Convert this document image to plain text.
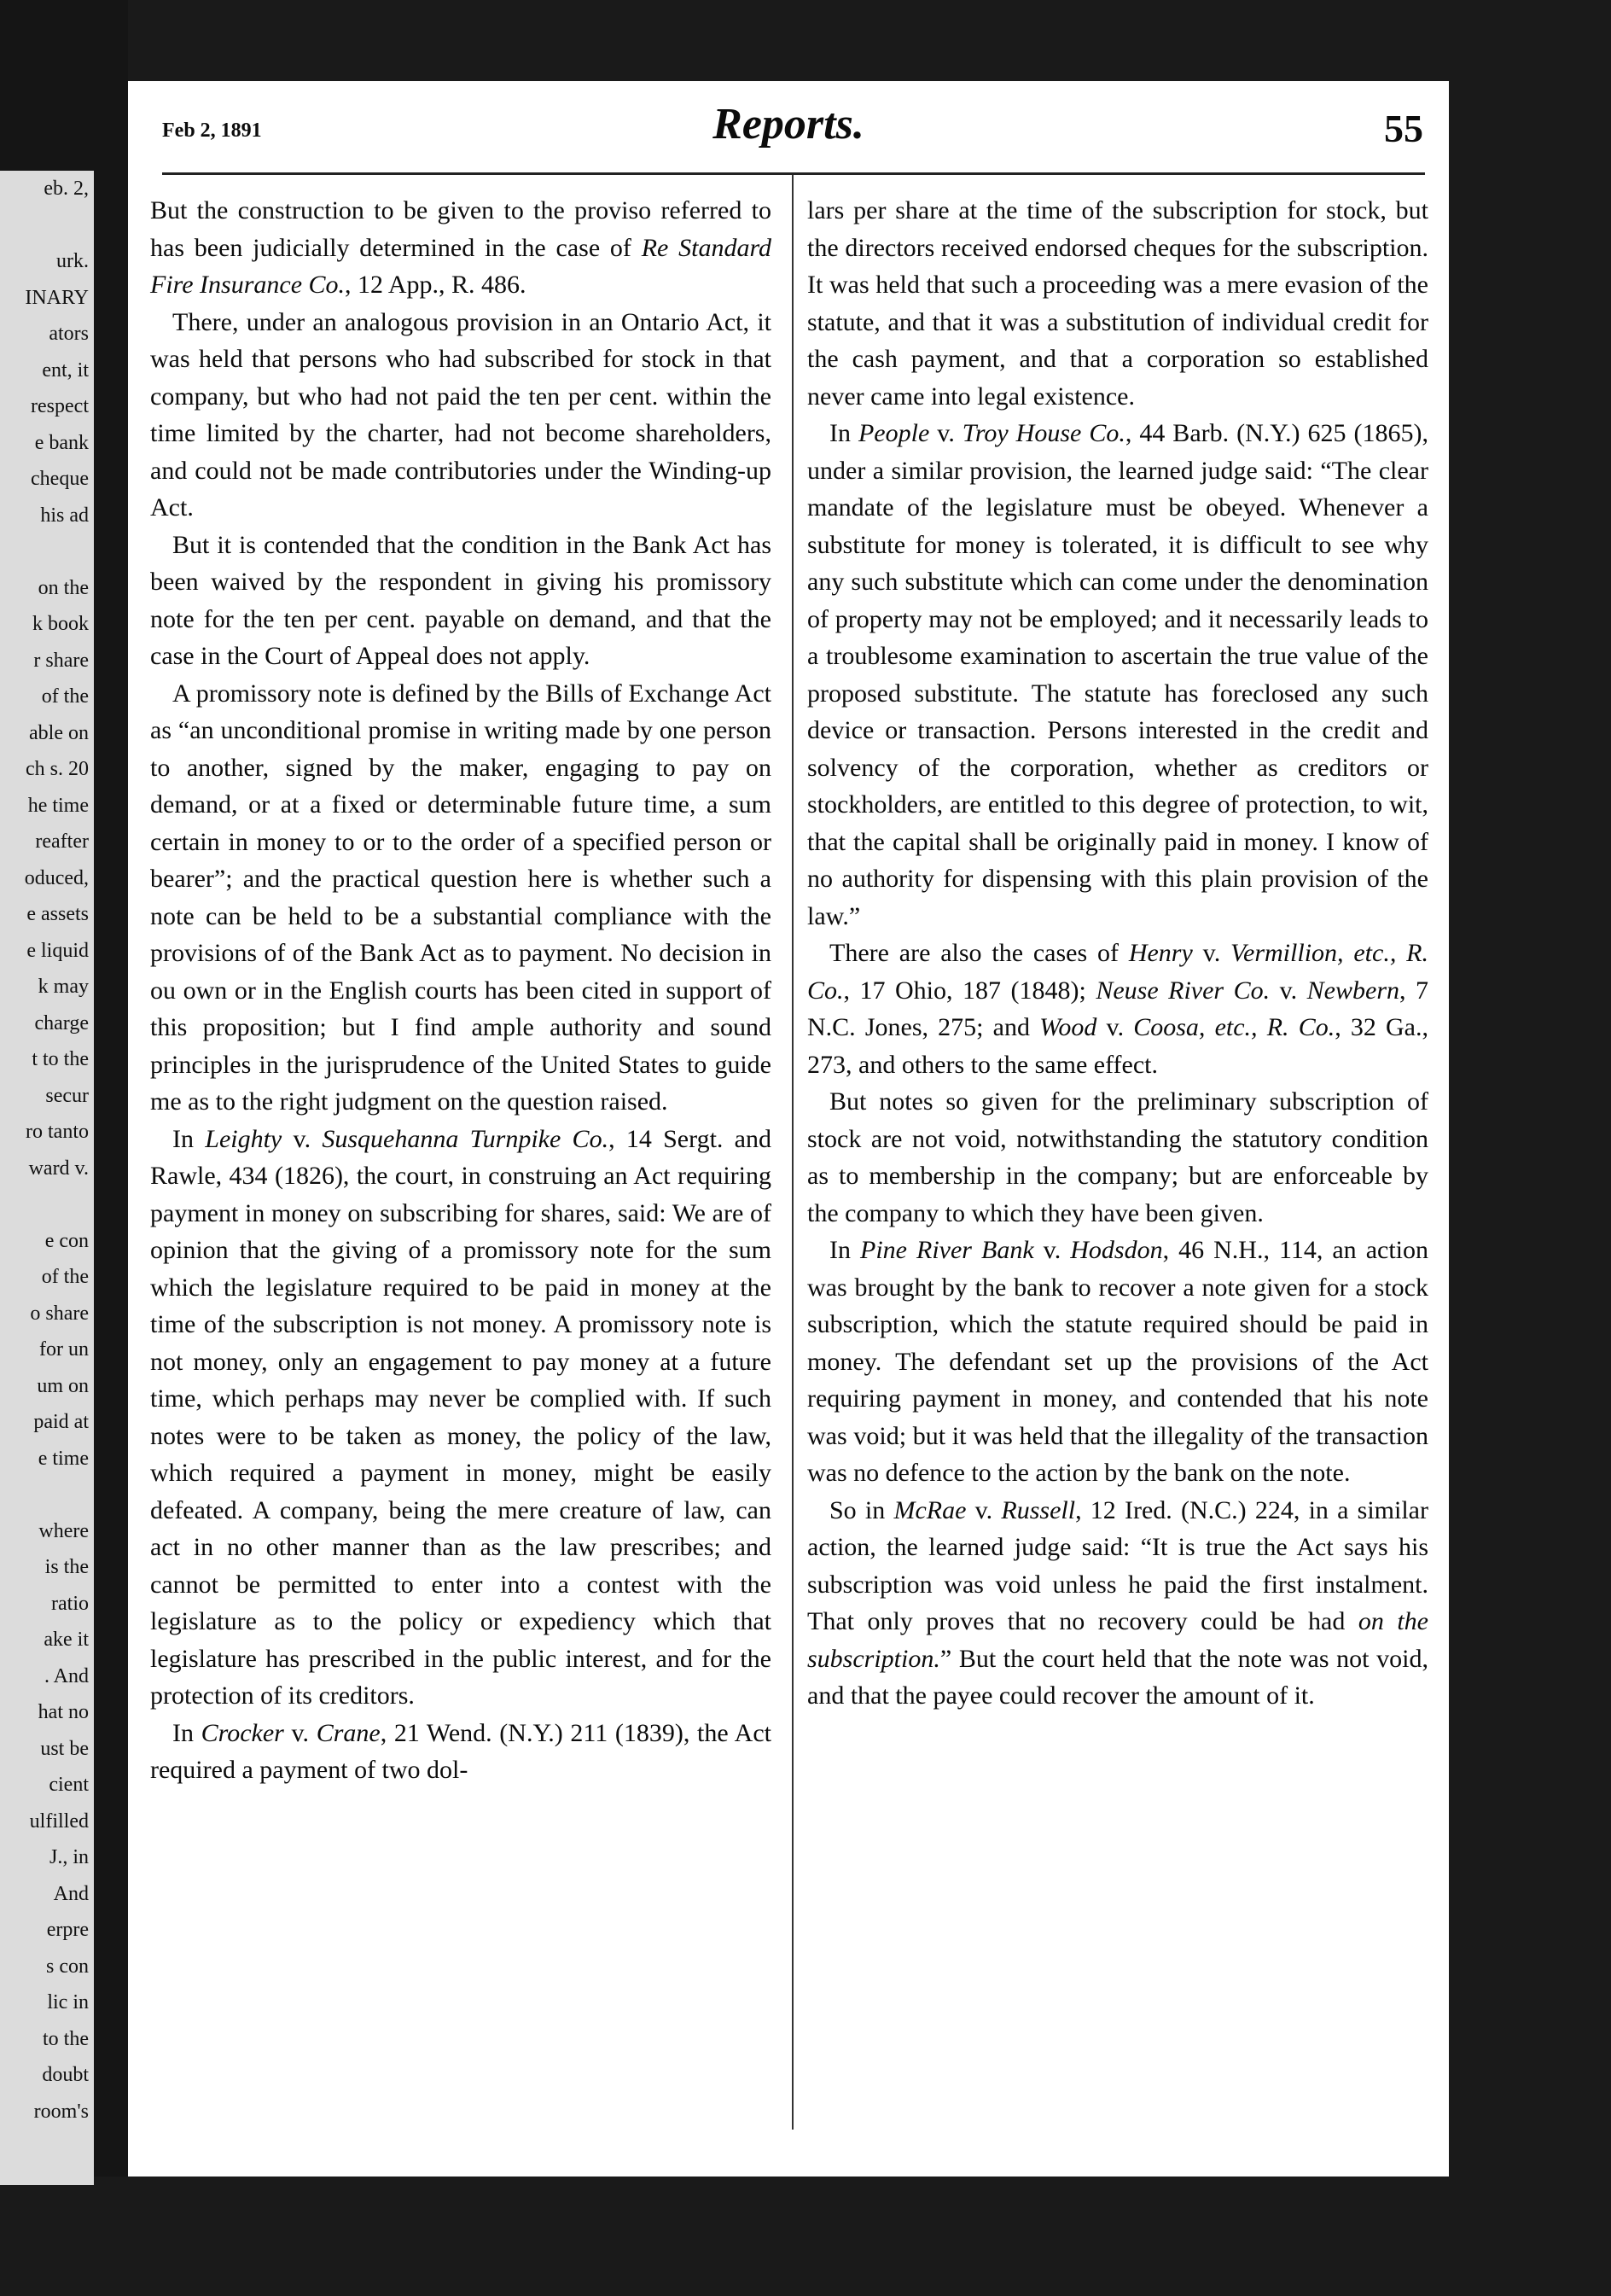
eb. 2,
urk.
INARY
ators
ent, it
respect
e bank
cheque
his ad
on the
k book
r share
of the
able on
ch s. 20
he time
reafter
oduced,
e assets
e liquid
k may
charge
t to the
secur
ro tanto
ward v.
e con
of the
o share
for un
um on
paid at
e time
where
is the
ratio
ake it
. And
hat no
ust be
cient
ulfilled
J., in
And
erpre
s con
lic in
to the
doubt
room's
Feb 2, 1891	Reports.	55

But the construction to be given to the proviso referred to has been judicially determined in the case of Re Standard Fire Insurance Co., 12 App., R. 486.

There, under an analogous provision in an Ontario Act, it was held that persons who had subscribed for stock in that company, but who had not paid the ten per cent. within the time limited by the charter, had not become shareholders, and could not be made contributories under the Winding-up Act.

But it is contended that the condition in the Bank Act has been waived by the respondent in giving his promissory note for the ten per cent. payable on demand, and that the case in the Court of Appeal does not apply.

A promissory note is defined by the Bills of Exchange Act as “an unconditional promise in writing made by one person to another, signed by the maker, engaging to pay on demand, or at a fixed or determinable future time, a sum certain in money to or to the order of a specified person or bearer”; and the practical question here is whether such a note can be held to be a substantial compliance with the provisions of of the Bank Act as to payment. No decision in ou own or in the English courts has been cited in support of this proposition; but I find ample authority and sound principles in the jurisprudence of the United States to guide me as to the right judgment on the question raised.

In Leighty v. Susquehanna Turnpike Co., 14 Sergt. and Rawle, 434 (1826), the court, in construing an Act requiring payment in money on subscribing for shares, said: We are of opinion that the giving of a promissory note for the sum which the legislature required to be paid in money at the time of the subscription is not money. A promissory note is not money, only an engagement to pay money at a future time, which perhaps may never be complied with. If such notes were to be taken as money, the policy of the law, which required a payment in money, might be easily defeated. A company, being the mere creature of law, can act in no other manner than as the law prescribes; and cannot be permitted to enter into a contest with the legislature as to the policy or expediency which that legislature has prescribed in the public interest, and for the protection of its creditors.

In Crocker v. Crane, 21 Wend. (N.Y.) 211 (1839), the Act required a payment of two dol-

lars per share at the time of the subscription for stock, but the directors received endorsed cheques for the subscription. It was held that such a proceeding was a mere evasion of the statute, and that it was a substitution of individual credit for the cash payment, and that a corporation so established never came into legal existence.

In People v. Troy House Co., 44 Barb. (N.Y.) 625 (1865), under a similar provision, the learned judge said: “The clear mandate of the legislature must be obeyed. Whenever a substitute for money is tolerated, it is difficult to see why any such substitute which can come under the denomination of property may not be employed; and it necessarily leads to a troublesome examination to ascertain the true value of the proposed substitute. The statute has foreclosed any such device or transaction. Persons interested in the credit and solvency of the corporation, whether as creditors or stockholders, are entitled to this degree of protection, to wit, that the capital shall be originally paid in money. I know of no authority for dispensing with this plain provision of the law.”

There are also the cases of Henry v. Vermillion, etc., R. Co., 17 Ohio, 187 (1848); Neuse River Co. v. Newbern, 7 N.C. Jones, 275; and Wood v. Coosa, etc., R. Co., 32 Ga., 273, and others to the same effect.

But notes so given for the preliminary subscription of stock are not void, notwithstanding the statutory condition as to membership in the company; but are enforceable by the company to which they have been given.

In Pine River Bank v. Hodsdon, 46 N.H., 114, an action was brought by the bank to recover a note given for a stock subscription, which the statute required should be paid in money. The defendant set up the provisions of the Act requiring payment in money, and contended that his note was void; but it was held that the illegality of the transaction was no defence to the action by the bank on the note.

So in McRae v. Russell, 12 Ired. (N.C.) 224, in a similar action, the learned judge said: “It is true the Act says his subscription was void unless he paid the first instalment. That only proves that no recovery could be had on the subscription.” But the court held that the note was not void, and that the payee could recover the amount of it.
